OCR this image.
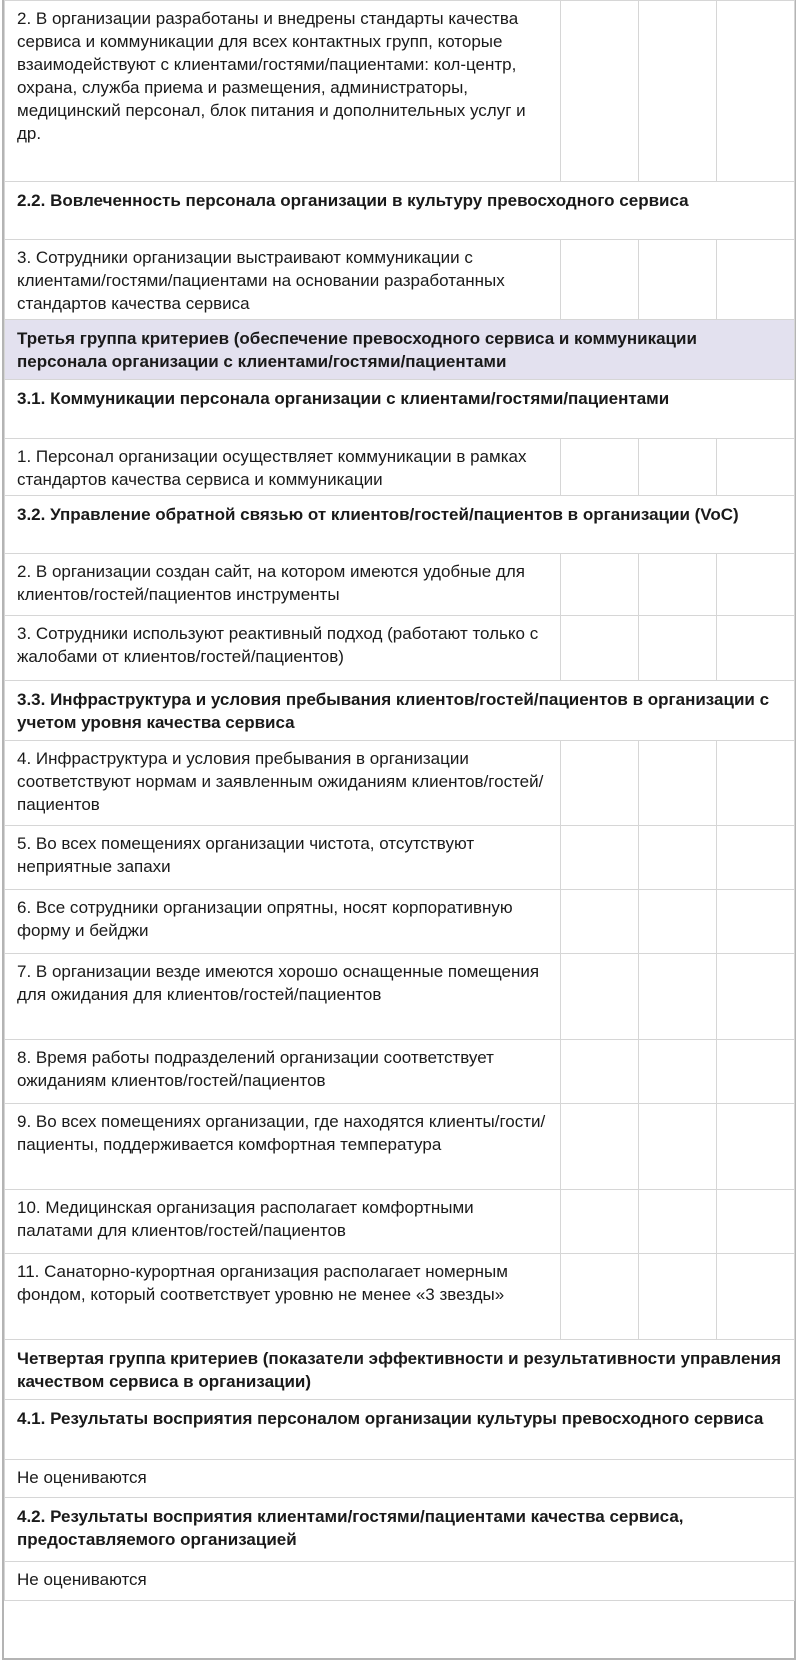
2. В организации разработаны и внедрены стандарты качества сервиса и коммуникации для всех контактных групп, которые взаимодействуют с клиентами/гостями/пациентами: кол-центр, охрана, служба приема и размещения, администраторы, медицинский персонал, блок питания и дополнительных услуг и др.			
2.2. Вовлеченность персонала организации в культуру превосходного сервиса			
3. Сотрудники организации выстраивают коммуникации с клиентами/гостями/пациентами на основании разработанных стандартов качества сервиса			
Третья группа критериев (обеспечение превосходного сервиса и коммуникации персонала организации с клиентами/гостями/пациентами			
3.1. Коммуникации персонала организации с клиентами/гостями/пациентами			
1. Персонал организации осуществляет коммуникации в рамках стандартов качества сервиса и коммуникации			
3.2. Управление обратной связью от клиентов/гостей/пациентов в организации (VoC)			
2. В организации создан сайт, на котором имеются удобные для клиентов/гостей/пациентов инструменты			
3. Сотрудники используют реактивный подход (работают только с жалобами от клиентов/гостей/пациентов)			
3.3. Инфраструктура и условия пребывания клиентов/гостей/пациентов в организации с учетом уровня качества сервиса			
4. Инфраструктура и условия пребывания в организации соответствуют нормам и заявленным ожиданиям клиентов/гостей/пациентов			
5. Во всех помещениях организации чистота, отсутствуют неприятные запахи			
6. Все сотрудники организации опрятны, носят корпоративную форму и бейджи			
7. В организации везде имеются хорошо оснащенные помещения для ожидания для клиентов/гостей/пациентов			
8. Время работы подразделений организации соответствует ожиданиям клиентов/гостей/пациентов			
9. Во всех помещениях организации, где находятся клиенты/гости/пациенты, поддерживается комфортная температура			
10. Медицинская организация располагает комфортными палатами для клиентов/гостей/пациентов			
11. Санаторно-курортная организация располагает номерным фондом, который соответствует уровню не менее «3 звезды»			
Четвертая группа критериев (показатели эффективности и результативности управления качеством сервиса в организации)			
4.1. Результаты восприятия персоналом организации культуры превосходного сервиса			
Не оцениваются			
4.2. Результаты восприятия клиентами/гостями/пациентами качества сервиса, предоставляемого организацией			
Не оцениваются			
